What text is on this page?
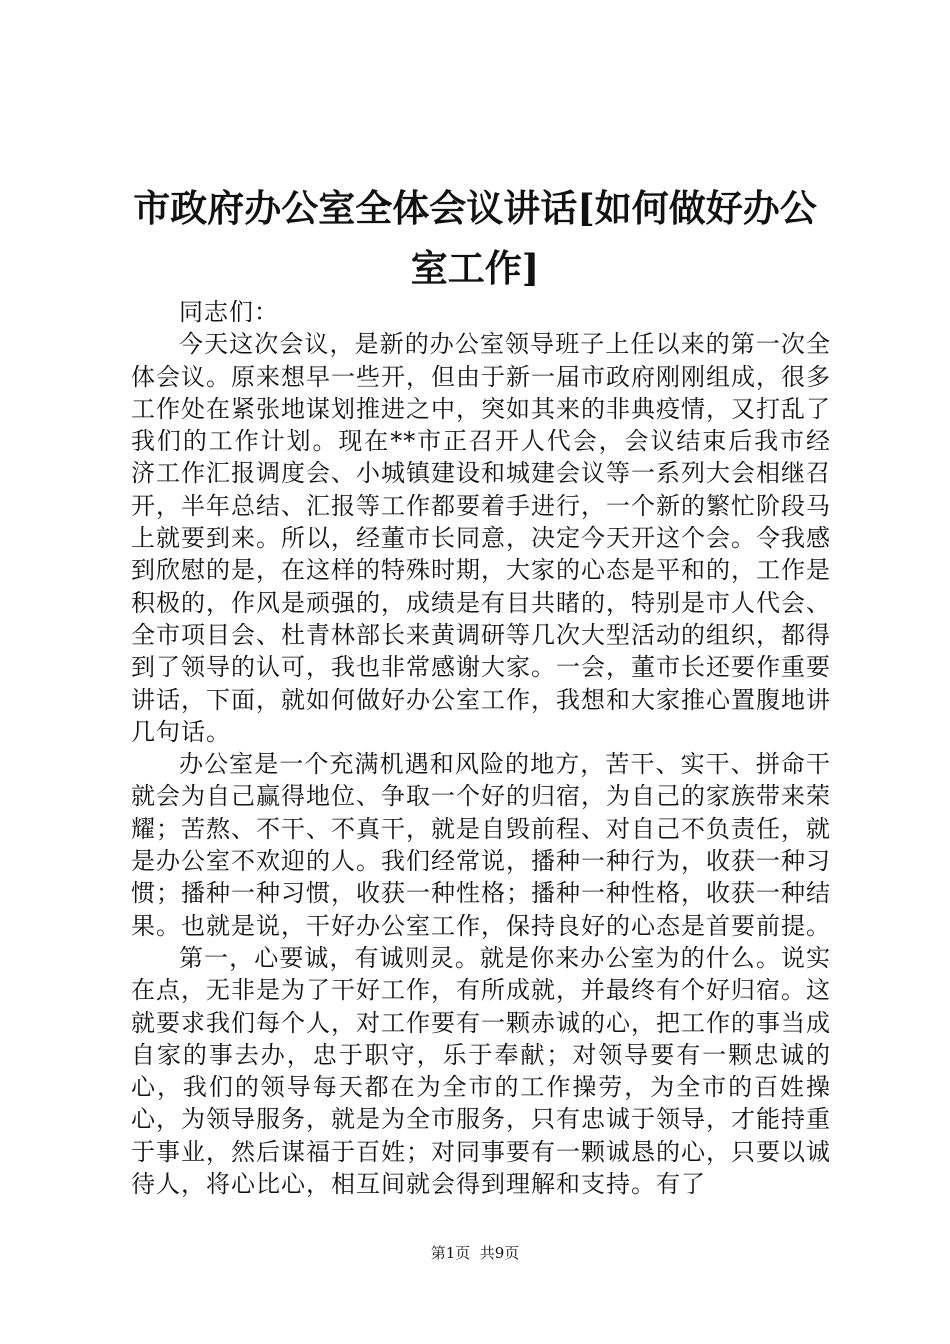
市政府办公室全体会议讲话[如何做好办公室工作]

同志们：

今天这次会议，是新的办公室领导班子上任以来的第一次全体会议。原来想早一些开，但由于新一届市政府刚刚组成，很多工作处在紧张地谋划推进之中，突如其来的非典疫情，又打乱了我们的工作计划。现在**市正召开人代会，会议结束后我市经济工作汇报调度会、小城镇建设和城建会议等一系列大会相继召开，半年总结、汇报等工作都要着手进行，一个新的繁忙阶段马上就要到来。所以，经董市长同意，决定今天开这个会。令我感到欣慰的是，在这样的特殊时期，大家的心态是平和的，工作是积极的，作风是顽强的，成绩是有目共睹的，特别是市人代会、全市项目会、杜青林部长来黄调研等几次大型活动的组织，都得到了领导的认可，我也非常感谢大家。一会，董市长还要作重要讲话，下面，就如何做好办公室工作，我想和大家推心置腹地讲几句话。

办公室是一个充满机遇和风险的地方，苦干、实干、拼命干就会为自己赢得地位、争取一个好的归宿，为自己的家族带来荣耀；苦熬、不干、不真干，就是自毁前程、对自己不负责任，就是办公室不欢迎的人。我们经常说，播种一种行为，收获一种习惯；播种一种习惯，收获一种性格；播种一种性格，收获一种结果。也就是说，干好办公室工作，保持良好的心态是首要前提。

第一，心要诚，有诚则灵。就是你来办公室为的什么。说实在点，无非是为了干好工作，有所成就，并最终有个好归宿。这就要求我们每个人，对工作要有一颗赤诚的心，把工作的事当成自家的事去办，忠于职守，乐于奉献；对领导要有一颗忠诚的心，我们的领导每天都在为全市的工作操劳，为全市的百姓操心，为领导服务，就是为全市服务，只有忠诚于领导，才能持重于事业，然后谋福于百姓；对同事要有一颗诚恳的心，只要以诚待人，将心比心，相互间就会得到理解和支持。有了

第1页  共9页
